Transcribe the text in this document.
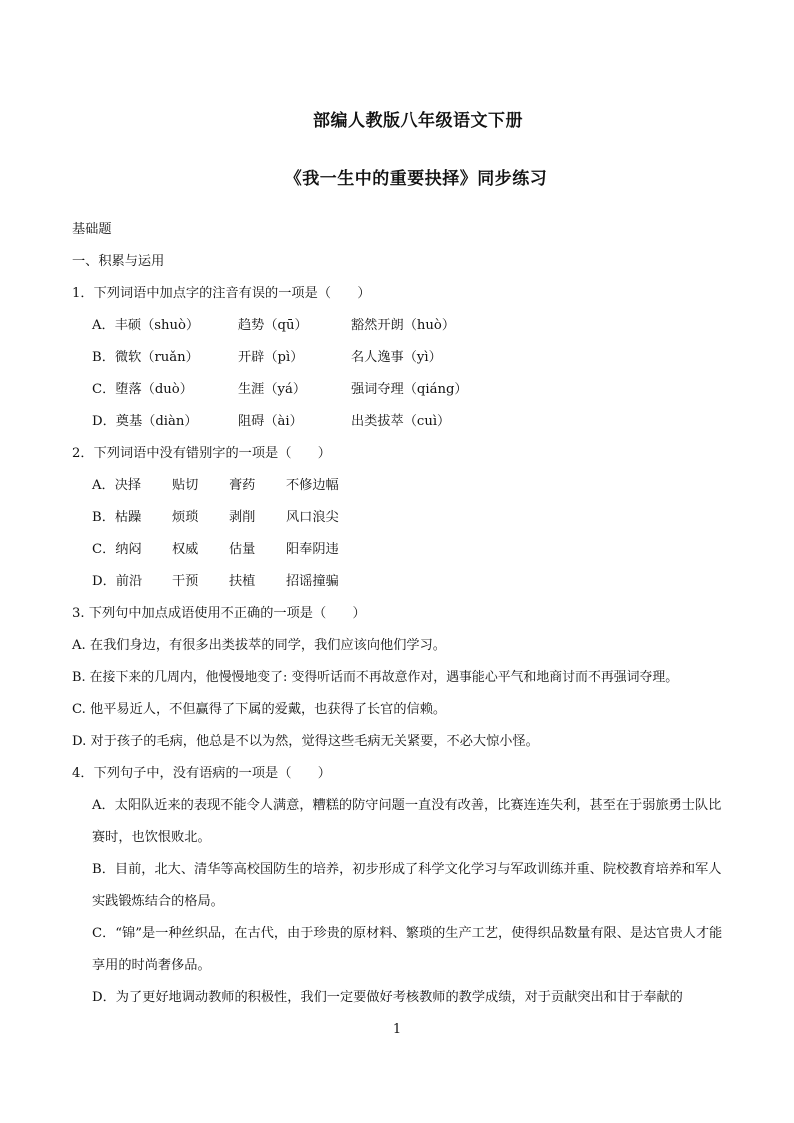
部编人教版八年级语文下册
《我一生中的重要抉择》同步练习
基础题
一、积累与运用
1．下列词语中加点字的注音有误的一项是（　　）
A．丰硕（shuò）	趋势（qū）	豁然开朗（huò）
B．微软（ruǎn）	开辟（pì）	名人逸事（yì）
C．堕落（duò）	生涯（yá）	强词夺理（qiáng）
D．奠基（diàn）	阻碍（ài）	出类拔萃（cuì）
2．下列词语中没有错别字的一项是（　　）
A．决择	贴切	膏药	不修边幅
B．枯躁	烦琐	剥削	风口浪尖
C．纳闷	权威	估量	阳奉阴违
D．前沿	干预	扶植	招谣撞骗
3. 下列句中加点成语使用不正确的一项是（　　）
A. 在我们身边，有很多出类拔萃的同学，我们应该向他们学习。
B. 在接下来的几周内，他慢慢地变了: 变得听话而不再故意作对，遇事能心平气和地商讨而不再强词夺理。
C. 他平易近人，不但赢得了下属的爱戴，也获得了长官的信赖。
D. 对于孩子的毛病，他总是不以为然，觉得这些毛病无关紧要，不必大惊小怪。
4．下列句子中，没有语病的一项是（　　）
A．太阳队近来的表现不能令人满意，糟糕的防守问题一直没有改善，比赛连连失利，甚至在于弱旅勇士队比赛时，也饮恨败北。
B．目前，北大、清华等高校国防生的培养，初步形成了科学文化学习与军政训练并重、院校教育培养和军人实践锻炼结合的格局。
C．“锦”是一种丝织品，在古代，由于珍贵的原材料、繁琐的生产工艺，使得织品数量有限、是达官贵人才能享用的时尚奢侈品。
D．为了更好地调动教师的积极性，我们一定要做好考核教师的教学成绩，对于贡献突出和甘于奉献的
1
